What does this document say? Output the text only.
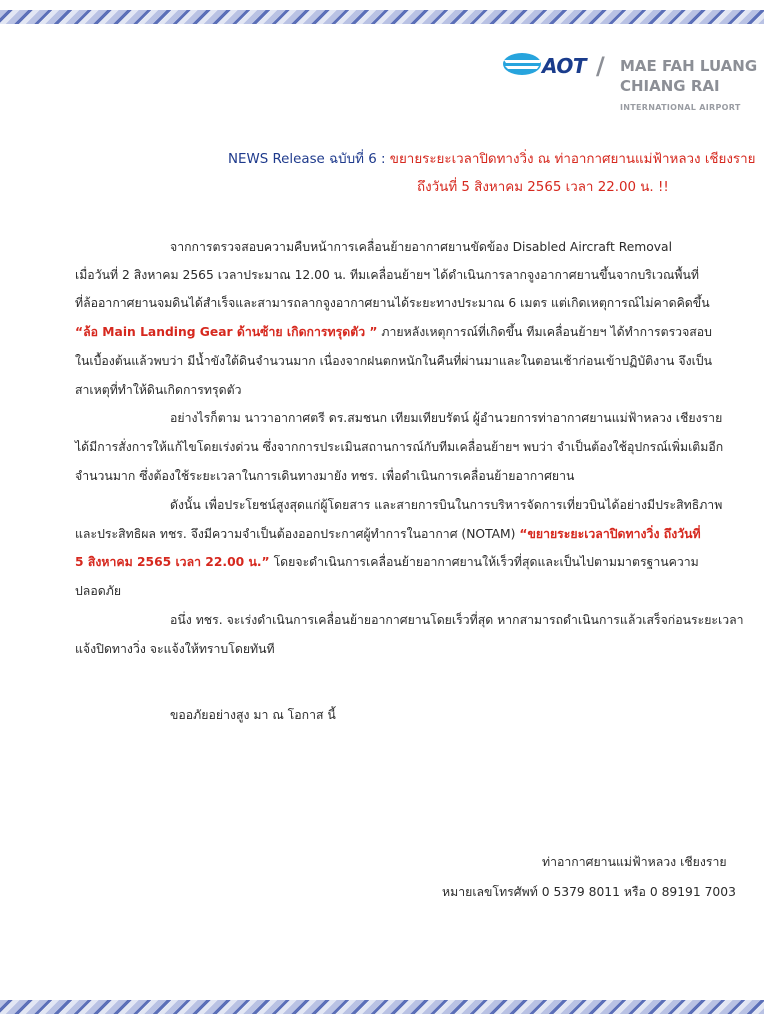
AOT / MAE FAH LUANG
CHIANG RAI
INTERNATIONAL AIRPORT
NEWS Release ฉบับที่ 6 : ขยายระยะเวลาปิดทางวิ่ง ณ ท่าอากาศยานแม่ฟ้าหลวง เชียงราย
ถึงวันที่ 5 สิงหาคม 2565 เวลา 22.00 น. !!
จากการตรวจสอบความคืบหน้าการเคลื่อนย้ายอากาศยานขัดข้อง Disabled Aircraft Removal
เมื่อวันที่ 2 สิงหาคม 2565 เวลาประมาณ 12.00 น. ทีมเคลื่อนย้ายฯ ได้ดำเนินการลากจูงอากาศยานขึ้นจากบริเวณพื้นที่
ที่ล้ออากาศยานจมดินได้สำเร็จและสามารถลากจูงอากาศยานได้ระยะทางประมาณ 6 เมตร แต่เกิดเหตุการณ์ไม่คาดคิดขึ้น
“ล้อ Main Landing Gear ด้านซ้าย เกิดการทรุดตัว ” ภายหลังเหตุการณ์ที่เกิดขึ้น ทีมเคลื่อนย้ายฯ ได้ทำการตรวจสอบ
ในเบื้องต้นแล้วพบว่า มีน้ำขังใต้ดินจำนวนมาก เนื่องจากฝนตกหนักในคืนที่ผ่านมาและในตอนเช้าก่อนเข้าปฏิบัติงาน จึงเป็น
สาเหตุที่ทำให้ดินเกิดการทรุดตัว
อย่างไรก็ตาม นาวาอากาศตรี ดร.สมชนก เทียมเทียบรัตน์ ผู้อำนวยการท่าอากาศยานแม่ฟ้าหลวง เชียงราย
ได้มีการสั่งการให้แก้ไขโดยเร่งด่วน ซึ่งจากการประเมินสถานการณ์กับทีมเคลื่อนย้ายฯ พบว่า จำเป็นต้องใช้อุปกรณ์เพิ่มเติมอีก
จำนวนมาก ซึ่งต้องใช้ระยะเวลาในการเดินทางมายัง ทชร. เพื่อดำเนินการเคลื่อนย้ายอากาศยาน
ดังนั้น เพื่อประโยชน์สูงสุดแก่ผู้โดยสาร และสายการบินในการบริหารจัดการเที่ยวบินได้อย่างมีประสิทธิภาพ
และประสิทธิผล ทชร. จึงมีความจำเป็นต้องออกประกาศผู้ทำการในอากาศ (NOTAM) “ขยายระยะเวลาปิดทางวิ่ง ถึงวันที่
5 สิงหาคม 2565 เวลา 22.00 น.” โดยจะดำเนินการเคลื่อนย้ายอากาศยานให้เร็วที่สุดและเป็นไปตามมาตรฐานความ
ปลอดภัย
อนึ่ง ทชร. จะเร่งดำเนินการเคลื่อนย้ายอากาศยานโดยเร็วที่สุด หากสามารถดำเนินการแล้วเสร็จก่อนระยะเวลา
แจ้งปิดทางวิ่ง จะแจ้งให้ทราบโดยทันที
ขออภัยอย่างสูง มา ณ โอกาส นี้
ท่าอากาศยานแม่ฟ้าหลวง เชียงราย
หมายเลขโทรศัพท์ 0 5379 8011 หรือ 0 89191 7003
